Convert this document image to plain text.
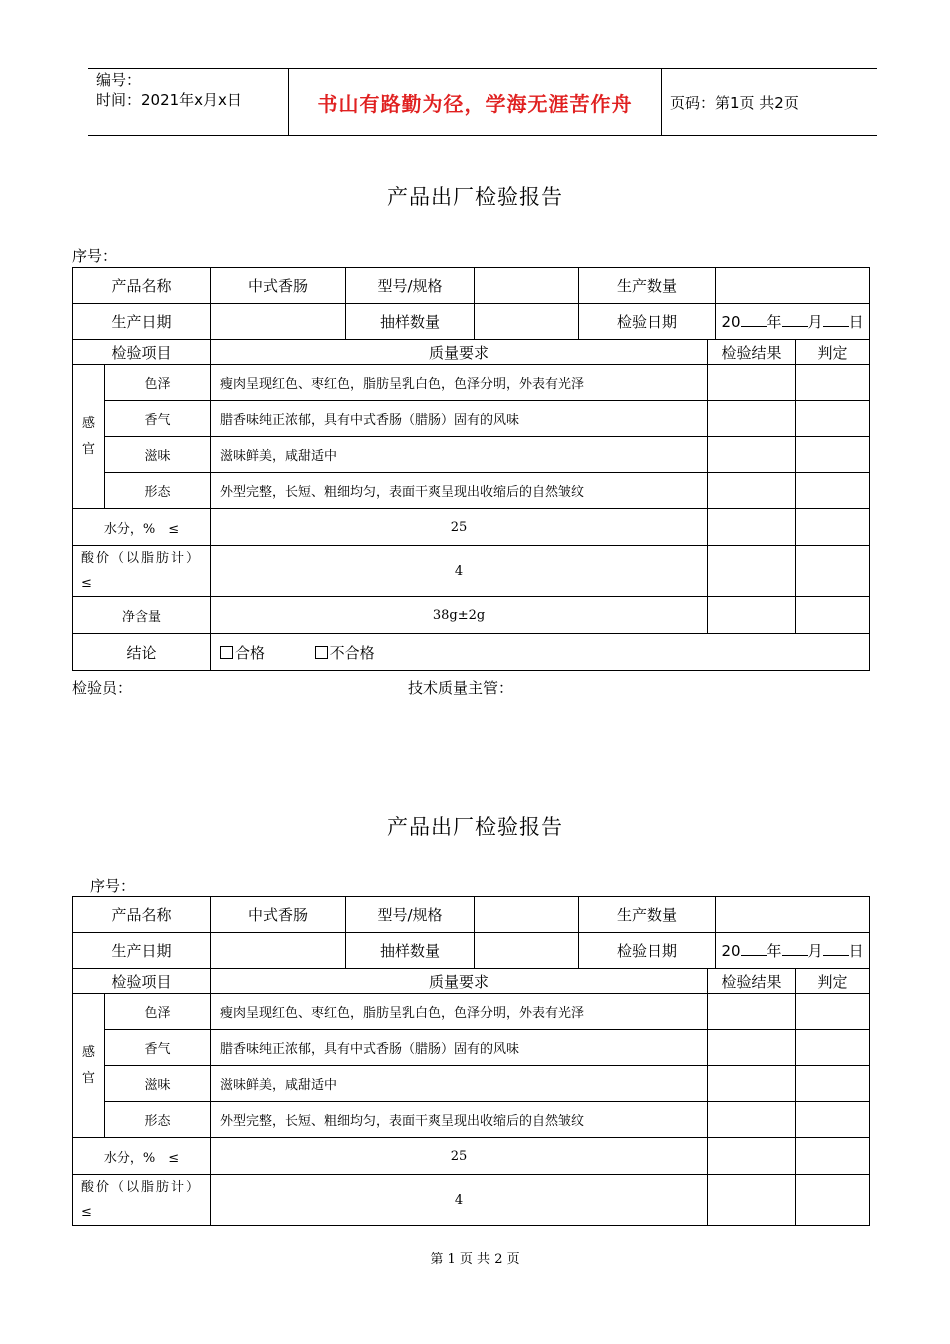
编号：
时间：2021年x月x日	书山有路勤为径，学海无涯苦作舟	页码：第1页 共2页
产品出厂检验报告
序号：
产品名称		中式香肠	型号/规格		生产数量			
生产日期			抽样数量		检验日期		20 年 月 日	
检验项目		质量要求				检验结果		判定
感官	色泽	瘦肉呈现红色、枣红色，脂肪呈乳白色，色泽分明，外表有光泽						
	香气	腊香味纯正浓郁，具有中式香肠（腊肠）固有的风味						
	滋味	滋味鲜美，咸甜适中						
	形态	外型完整，长短、粗细均匀，表面干爽呈现出收缩后的自然皱纹						
水分，%　≤		25						
酸价（以脂肪计）≤		4						
净含量		38g±2g						
结论		合格 不合格						
检验员：	技术质量主管：
产品出厂检验报告
序号：
产品名称		中式香肠	型号/规格		生产数量			
生产日期			抽样数量		检验日期		20 年 月 日	
检验项目		质量要求				检验结果		判定
感官	色泽	瘦肉呈现红色、枣红色，脂肪呈乳白色，色泽分明，外表有光泽						
	香气	腊香味纯正浓郁，具有中式香肠（腊肠）固有的风味						
	滋味	滋味鲜美，咸甜适中						
	形态	外型完整，长短、粗细均匀，表面干爽呈现出收缩后的自然皱纹						
水分，%　≤		25						
酸价（以脂肪计）≤		4						
第 1 页 共 2 页
